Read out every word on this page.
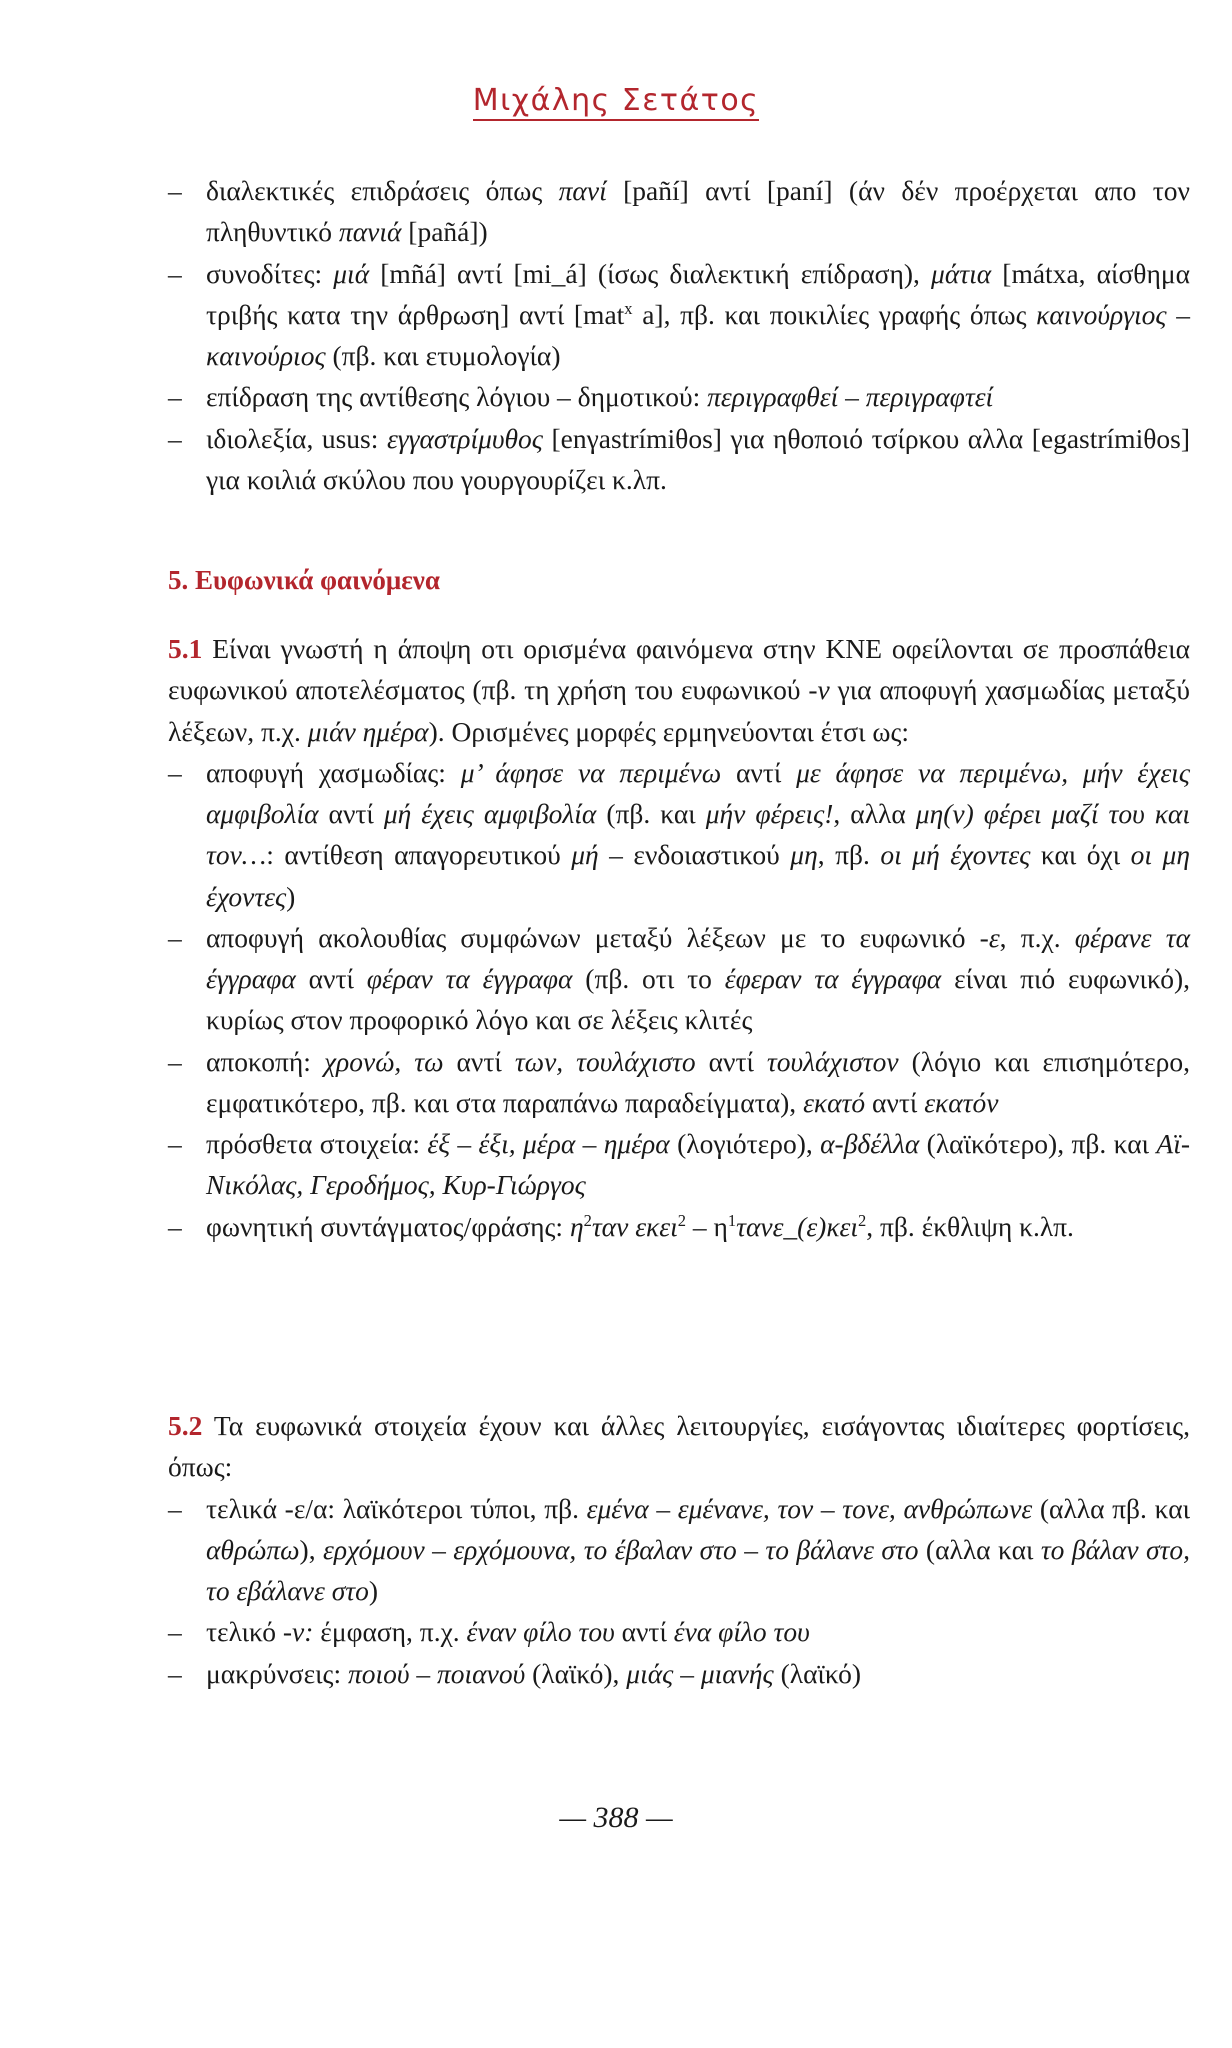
Μιχάλης Σετάτος

– διαλεκτικές επιδράσεις όπως πανί [pañí] αντί [paní] (άν δέν προέρχεται απο τον πληθυντικό πανιά [pañá])

– συνοδίτες: μιά [mñá] αντί [mi_á] (ίσως διαλεκτική επίδραση), μάτια [mátxa, αίσθημα τριβής κατα την άρθρωση] αντί [mat$^x$ a], πβ. και ποικιλίες γραφής όπως καινούργιος – καινούριος (πβ. και ετυμολογία)

– επίδραση της αντίθεσης λόγιου – δημοτικού: περιγραφθεί – περιγραφτεί

– ιδιολεξία, usus: εγγαστρίμυθος [enγastrímiθos] για ηθοποιό τσίρκου αλλα [egastrímiθos] για κοιλιά σκύλου που γουργουρίζει κ.λπ.

5. Ευφωνικά φαινόμενα

5.1 Είναι γνωστή η άποψη οτι ορισμένα φαινόμενα στην ΚΝΕ οφείλονται σε προσπάθεια ευφωνικού αποτελέσματος (πβ. τη χρήση του ευφωνικού -ν για αποφυγή χασμωδίας μεταξύ λέξεων, π.χ. μιάν ημέρα). Ορισμένες μορφές ερμηνεύονται έτσι ως:

– αποφυγή χασμωδίας: μ’ άφησε να περιμένω αντί με άφησε να περιμένω, μήν έχεις αμφιβολία αντί μή έχεις αμφιβολία (πβ. και μήν φέρεις!, αλλα μη(ν) φέρει μαζί του και τον…: αντίθεση απαγορευτικού μή – ενδοιαστικού μη, πβ. οι μή έχοντες και όχι οι μη έχοντες)

– αποφυγή ακολουθίας συμφώνων μεταξύ λέξεων με το ευφωνικό -ε, π.χ. φέρανε τα έγγραφα αντί φέραν τα έγγραφα (πβ. οτι το έφεραν τα έγγραφα είναι πιό ευφωνικό), κυρίως στον προφορικό λόγο και σε λέξεις κλιτές

– αποκοπή: χρονώ, τω αντί των, τουλάχιστο αντί τουλάχιστον (λόγιο και επισημότερο, εμφατικότερο, πβ. και στα παραπάνω παραδείγματα), εκατό αντί εκατόν

– πρόσθετα στοιχεία: έξ – έξι, μέρα – ημέρα (λογιότερο), α-βδέλλα (λαϊκότερο), πβ. και Αϊ-Νικόλας, Γεροδήμος, Κυρ-Γιώργος

– φωνητική συντάγματος/φράσης: $\eta^2\tau\alpha\nu$ $\varepsilon\kappa\varepsilon\iota^2 - \eta^1\tau\alpha\nu\varepsilon\_(\varepsilon)\kappa\varepsilon\iota^2$, πβ. έκθλιψη κ.λπ.

5.2 Τα ευφωνικά στοιχεία έχουν και άλλες λειτουργίες, εισάγοντας ιδιαίτερες φορτίσεις, όπως:

– τελικά -ε/α: λαϊκότεροι τύποι, πβ. εμένα – εμένανε, τον – τονε, ανθρώπωνε (αλλα πβ. και αθρώπω), ερχόμουν – ερχόμουνα, το έβαλαν στο – το βάλανε στο (αλλα και το βάλαν στο, το εβάλανε στο)

– τελικό -ν: έμφαση, π.χ. έναν φίλο του αντί ένα φίλο του

– μακρύνσεις: ποιού – ποιανού (λαϊκό), μιάς – μιανής (λαϊκό)

— 388 —
